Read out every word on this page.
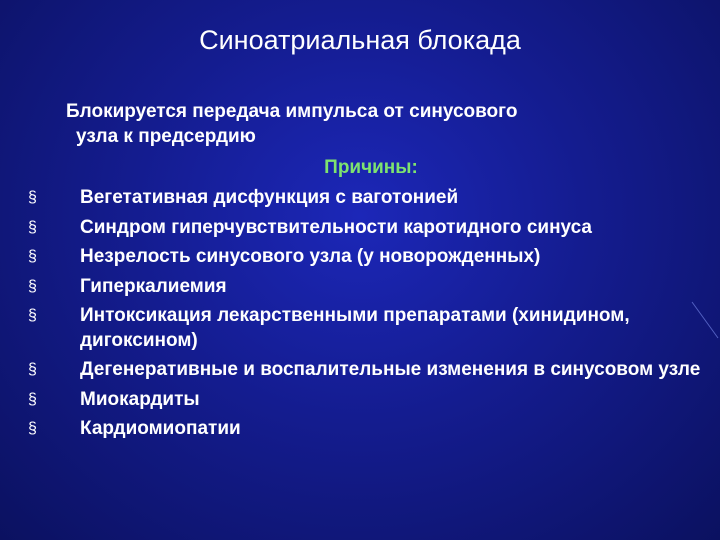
Синоатриальная блокада
Блокируется передача импульса от синусового
узла к предсердию
Причины:
§	Вегетативная дисфункция с ваготонией
§	Синдром гиперчувствительности каротидного синуса
§	Незрелость синусового узла (у новорожденных)
§	Гиперкалиемия
§	Интоксикация лекарственными препаратами (хинидином, дигоксином)
§	Дегенеративные и воспалительные изменения в синусовом узле
§	Миокардиты
§	Кардиомиопатии
